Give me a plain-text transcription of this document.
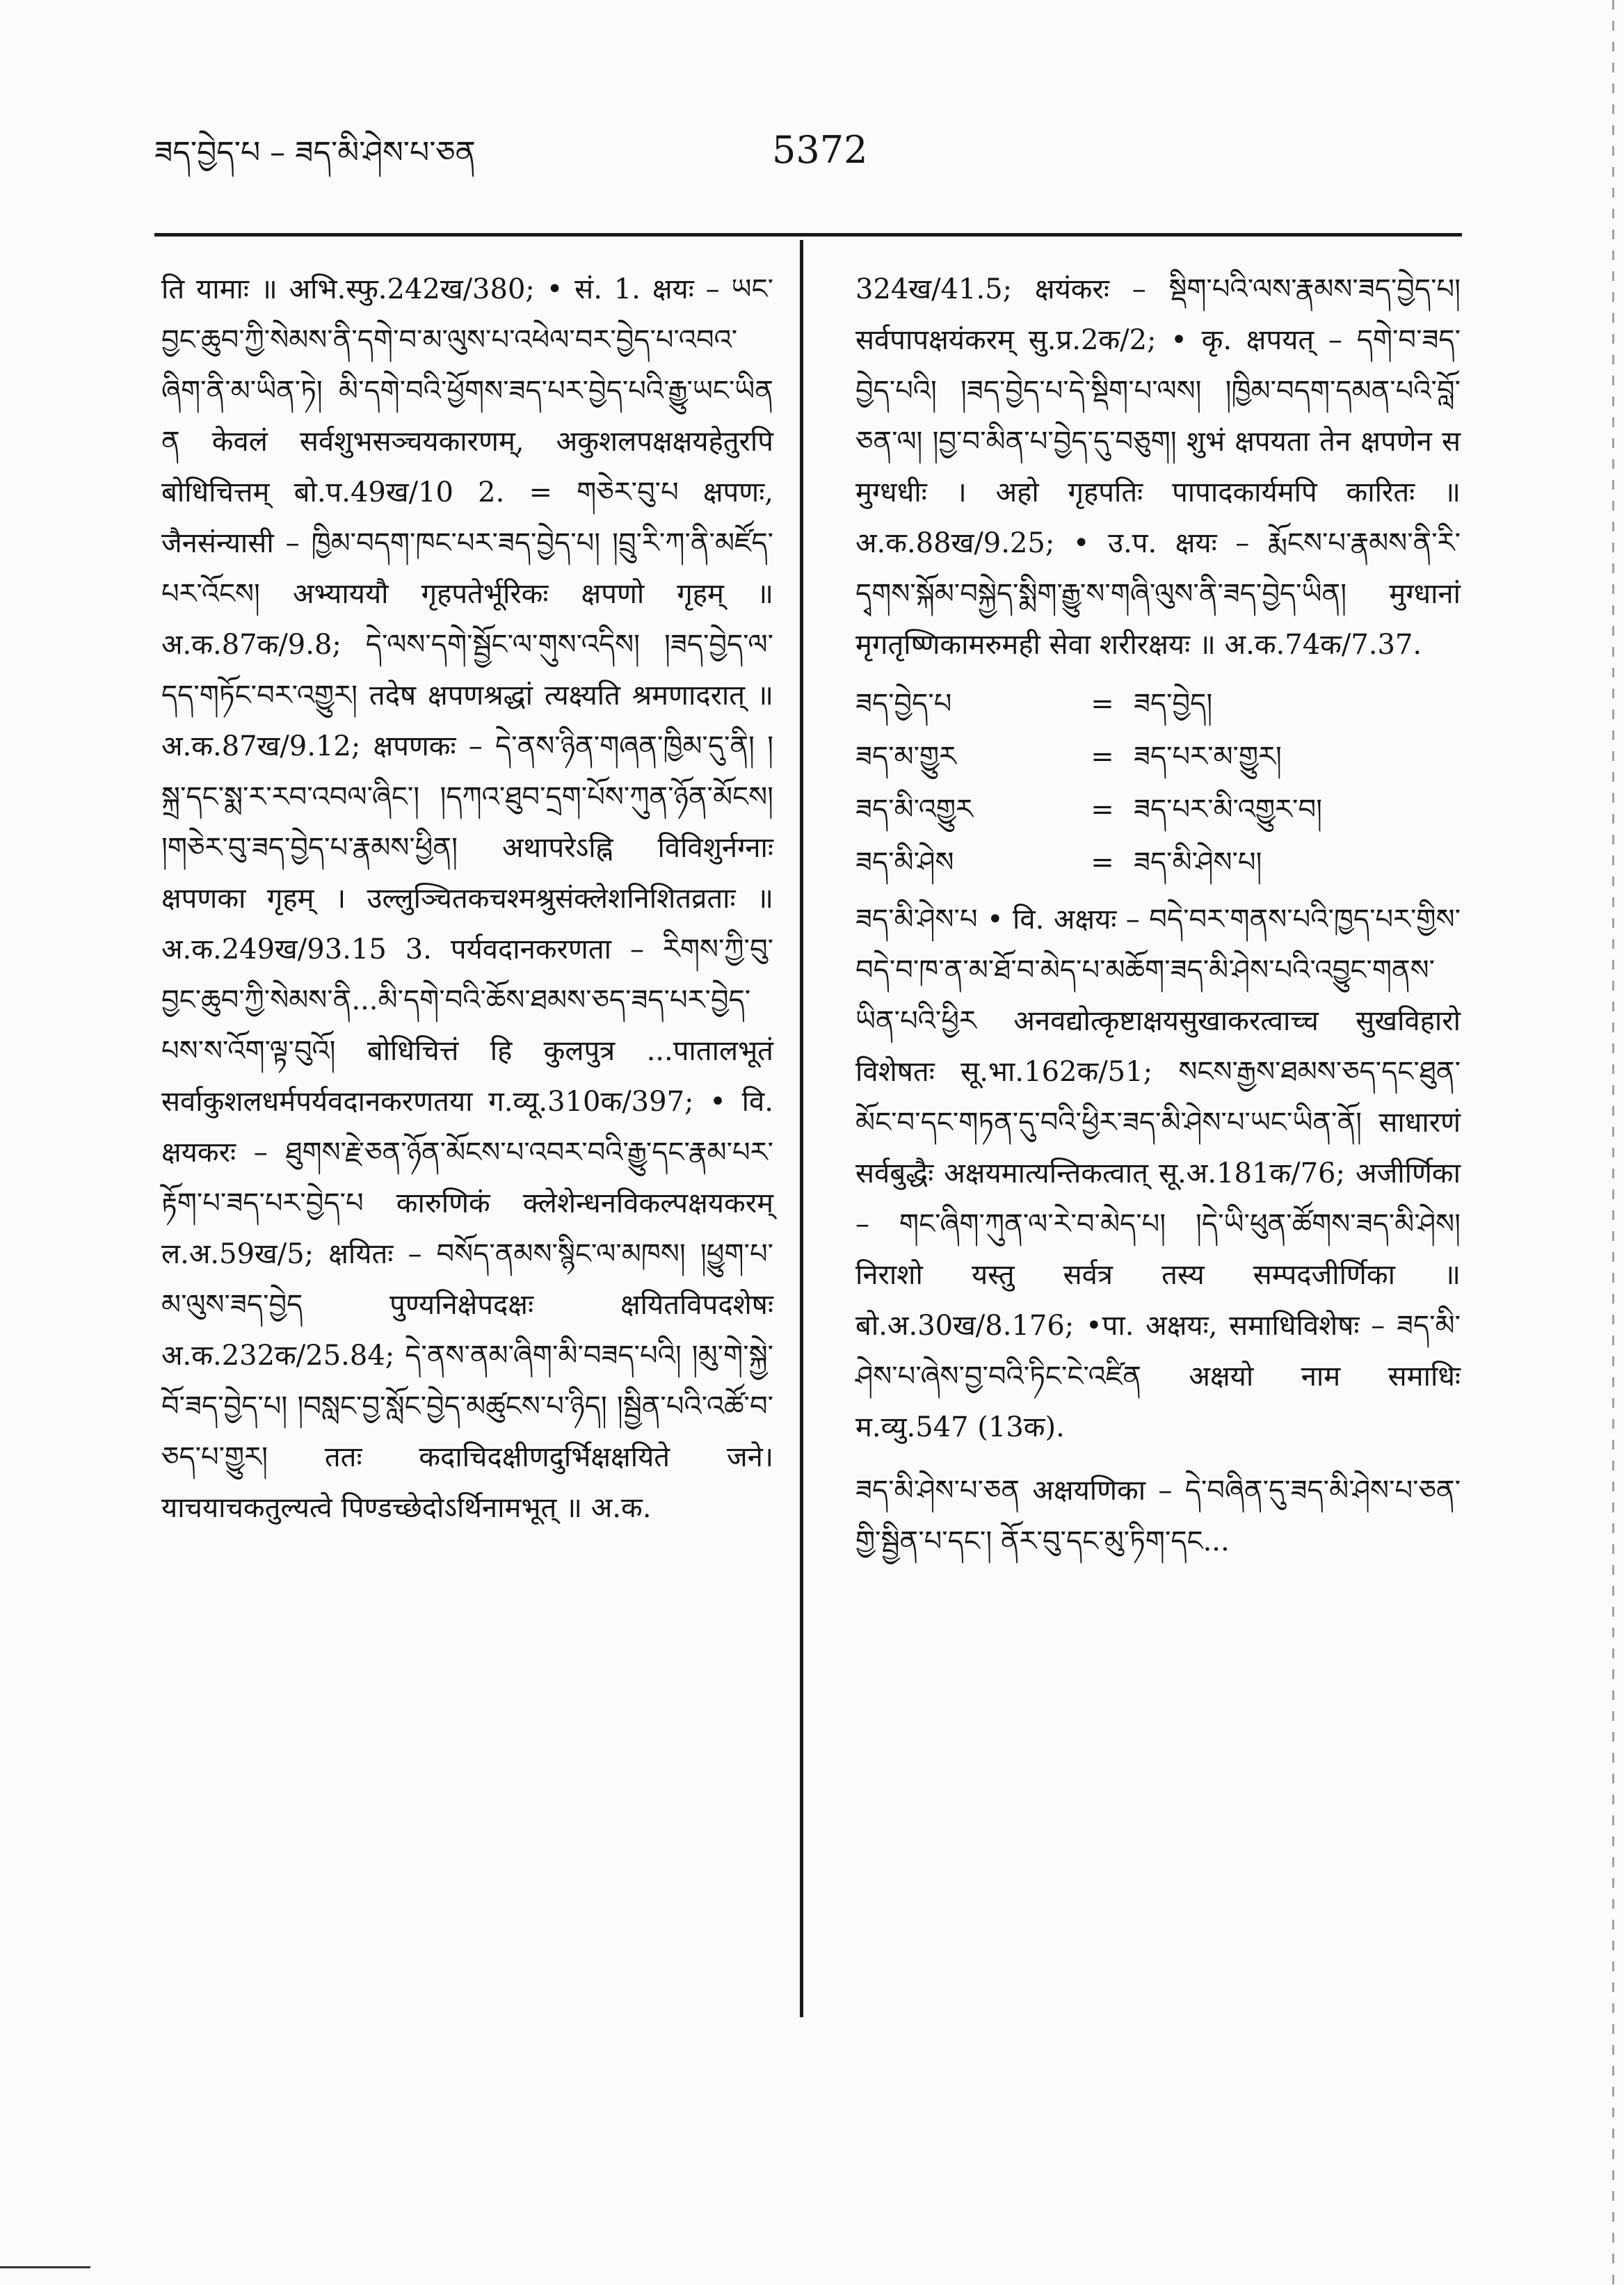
ཟད་བྱེད་པ – ཟད་མི་ཤེས་པ་ཅན	5372

ति यामाः ॥ अभि.स्फु.242ख/380; • सं. 1. क्षयः – ཡང་བྱང་ཆུབ་ཀྱི་སེམས་ནི་དགེ་བ་མ་ལུས་པ་འཕེལ་བར་བྱེད་པ་འབའ་ཞིག་ནི་མ་ཡིན་ཏེ། མི་དགེ་བའི་ཕྱོགས་ཟད་པར་བྱེད་པའི་རྒྱུ་ཡང་ཡིན ན केवलं सर्वशुभसञ्चयकारणम्, अकुशलपक्षक्षयहेतुरपि बोधिचित्तम् बो.प.49ख/10 2. = གཅེར་བུ་པ क्षपणः, जैनसंन्यासी – ཁྱིམ་བདག་ཁང་པར་ཟད་བྱེད་པ། །བྲུ་རི་ཀ་ནི་མཛོད་པར་འོངས། अभ्याययौ गृहपतेर्भूरिकः क्षपणो गृहम् ॥ अ.क.87क/9.8; དེ་ལས་དགེ་སྦྱོང་ལ་གུས་འདིས། །ཟད་བྱེད་ལ་དད་གཏོང་བར་འགྱུར། तदेष क्षपणश्रद्धां त्यक्ष्यति श्रमणादरात् ॥ अ.क.87ख/9.12; क्षपणकः – དེ་ནས་ཉིན་གཞན་ཁྱིམ་དུ་ནི། །སྐྲ་དང་སྨ་ར་རབ་འབལ་ཞིང་། །དཀའ་ཐུབ་དྲག་པོས་ཀུན་ཉོན་མོངས། །གཅེར་བུ་ཟད་བྱེད་པ་རྣམས་ཕྱིན། अथापरेऽह्नि विविशुर्नग्नाः क्षपणका गृहम् । उल्लुञ्चितकचश्मश्रुसंक्लेशनिशितव्रताः ॥ अ.क.249ख/93.15 3. पर्यवदानकरणता – རིགས་ཀྱི་བུ་བྱང་ཆུབ་ཀྱི་སེམས་ནི...མི་དགེ་བའི་ཆོས་ཐམས་ཅད་ཟད་པར་བྱེད་པས་ས་འོག་ལྟ་བུའོ། बोधिचित्तं हि कुलपुत्र ...पातालभूतं सर्वाकुशलधर्मपर्यवदानकरणतया ग.व्यू.310क/397; • वि. क्षयकरः – ཐུགས་རྗེ་ཅན་ཉོན་མོངས་པ་འབར་བའི་རྒྱུ་དང་རྣམ་པར་རྟོག་པ་ཟད་པར་བྱེད་པ कारुणिकं क्लेशेन्धनविकल्पक्षयकरम् ल.अ.59ख/5; क्षयितः – བསོད་ནམས་སྙིང་ལ་མཁས། །ཕྱུག་པ་མ་ལུས་ཟད་བྱེད पुण्यनिक्षेपदक्षः क्षयितविपदशेषः अ.क.232क/25.84; དེ་ནས་ནམ་ཞིག་མི་བཟད་པའི། །མུ་གེ་སྐྱེ་བོ་ཟད་བྱེད་པ། །བསླང་བྱ་སློང་བྱེད་མཚུངས་པ་ཉིད། །སྦྱིན་པའི་འཚོ་བ་ཅད་པ་གྱུར། ततः कदाचिदक्षीणदुर्भिक्षक्षयिते जने। याचयाचकतुल्यत्वे पिण्डच्छेदोऽर्थिनामभूत् ॥ अ.क.

324ख/41.5; क्षयंकरः – སྡིག་པའི་ལས་རྣམས་ཟད་བྱེད་པ། सर्वपापक्षयंकरम् सु.प्र.2क/2; • कृ. क्षपयत् – དགེ་བ་ཟད་བྱེད་པའི། །ཟད་བྱེད་པ་དེ་སྡིག་པ་ལས། །ཁྱིམ་བདག་དམན་པའི་བློ་ཅན་ལ། །བྱ་བ་མིན་པ་བྱེད་དུ་བཅུག། शुभं क्षपयता तेन क्षपणेन स मुग्धधीः । अहो गृहपतिः पापादकार्यमपि कारितः ॥ अ.क.88ख/9.25; • उ.प. क्षयः – རྨོངས་པ་རྣམས་ནི་རི་དྭགས་སྐོམ་བསྐྱེད་སྨིག་རྒྱུ་ས་གཞི་ལུས་ནི་ཟད་བྱེད་ཡིན། मुग्धानां मृगतृष्णिकामरुमही सेवा शरीरक्षयः ॥ अ.क.74क/7.37.

ཟད་བྱེད་པ	= ཟད་བྱེད།
ཟད་མ་གྱུར	= ཟད་པར་མ་གྱུར།
ཟད་མི་འགྱུར	= ཟད་པར་མི་འགྱུར་བ།
ཟད་མི་ཤེས	= ཟད་མི་ཤེས་པ།

ཟད་མི་ཤེས་པ • वि. अक्षयः – བདེ་བར་གནས་པའི་ཁྱད་པར་གྱིས་བདེ་བ་ཁ་ན་མ་ཐོ་བ་མེད་པ་མཆོག་ཟད་མི་ཤེས་པའི་འབྱུང་གནས་ཡིན་པའི་ཕྱིར अनवद्योत्कृष्टाक्षयसुखाकरत्वाच्च सुखविहारो विशेषतः सू.भा.162क/51; སངས་རྒྱས་ཐམས་ཅད་དང་ཐུན་མོང་བ་དང་གཏན་དུ་བའི་ཕྱིར་ཟད་མི་ཤེས་པ་ཡང་ཡིན་ནོ། साधारणं सर्वबुद्धैः अक्षयमात्यन्तिकत्वात् सू.अ.181क/76; अजीर्णिका – གང་ཞིག་ཀུན་ལ་རེ་བ་མེད་པ། །དེ་ཡི་ཕུན་ཚོགས་ཟད་མི་ཤེས། निराशो यस्तु सर्वत्र तस्य सम्पदजीर्णिका ॥ बो.अ.30ख/8.176; •पा. अक्षयः, समाधिविशेषः – ཟད་མི་ཤེས་པ་ཞེས་བྱ་བའི་ཏིང་ངེ་འཛིན अक्षयो नाम समाधिः म.व्यु.547 (13क).

ཟད་མི་ཤེས་པ་ཅན अक्षयणिका – དེ་བཞིན་དུ་ཟད་མི་ཤེས་པ་ཅན་གྱི་སྦྱིན་པ་དང་། ནོར་བུ་དང་མུ་ཏིག་དང...
